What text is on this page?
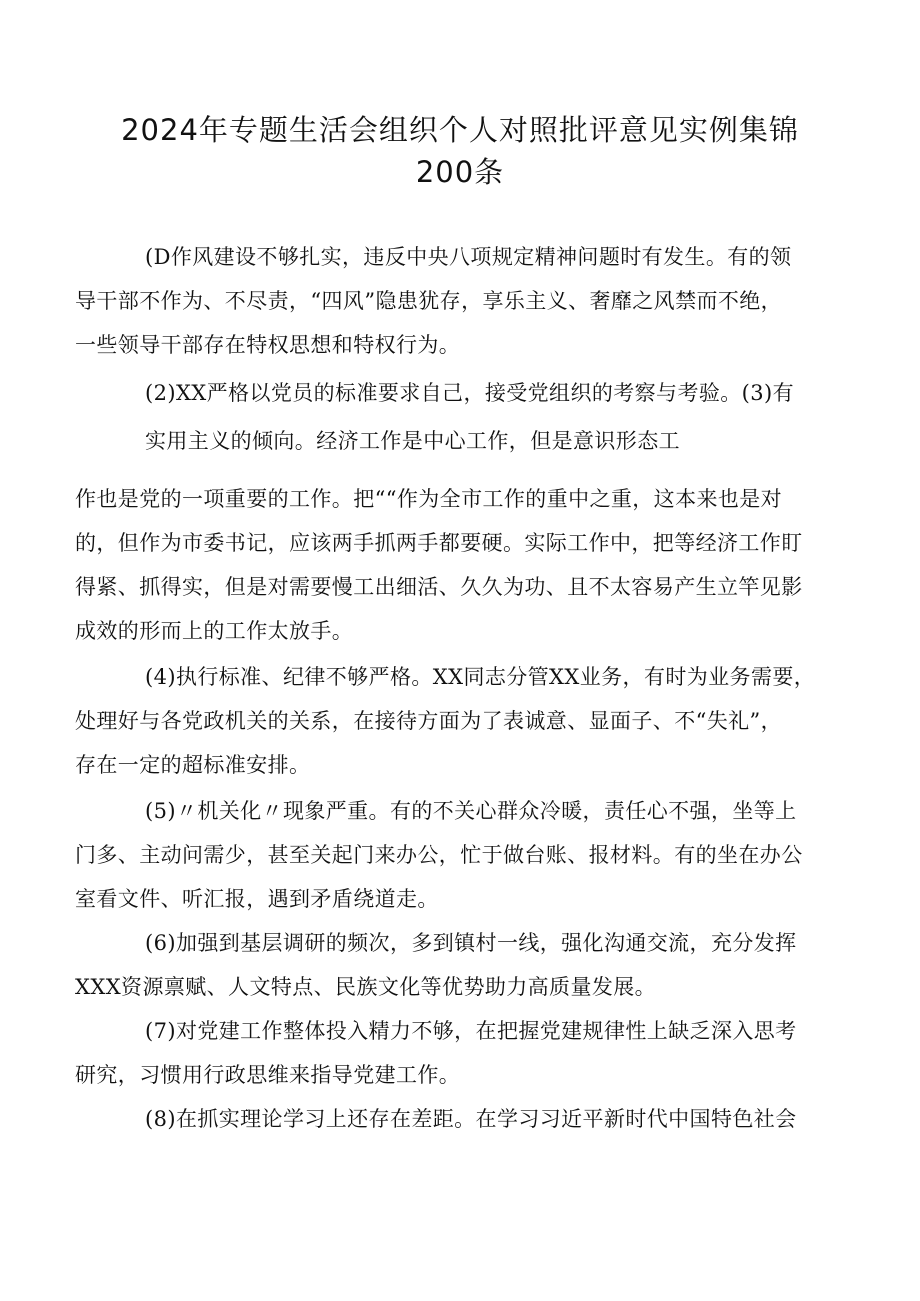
2024年专题生活会组织个人对照批评意见实例集锦
200条

(D作风建设不够扎实，违反中央八项规定精神问题时有发生。有的领

导干部不作为、不尽责，“四风”隐患犹存，享乐主义、奢靡之风禁而不绝，

一些领导干部存在特权思想和特权行为。

(2)XX严格以党员的标准要求自己，接受党组织的考察与考验。(3)有

实用主义的倾向。经济工作是中心工作，但是意识形态工

作也是党的一项重要的工作。把““作为全市工作的重中之重，这本来也是对

的，但作为市委书记，应该两手抓两手都要硬。实际工作中，把等经济工作盯

得紧、抓得实，但是对需要慢工出细活、久久为功、且不太容易产生立竿见影

成效的形而上的工作太放手。

(4)执行标准、纪律不够严格。XX同志分管XX业务，有时为业务需要，

处理好与各党政机关的关系，在接待方面为了表诚意、显面子、不“失礼”，

存在一定的超标准安排。

(5)〃机关化〃现象严重。有的不关心群众冷暖，责任心不强，坐等上

门多、主动问需少，甚至关起门来办公，忙于做台账、报材料。有的坐在办公

室看文件、听汇报，遇到矛盾绕道走。

(6)加强到基层调研的频次，多到镇村一线，强化沟通交流，充分发挥

XXX资源禀赋、人文特点、民族文化等优势助力高质量发展。

(7)对党建工作整体投入精力不够，在把握党建规律性上缺乏深入思考

研究，习惯用行政思维来指导党建工作。

(8)在抓实理论学习上还存在差距。在学习习近平新时代中国特色社会
